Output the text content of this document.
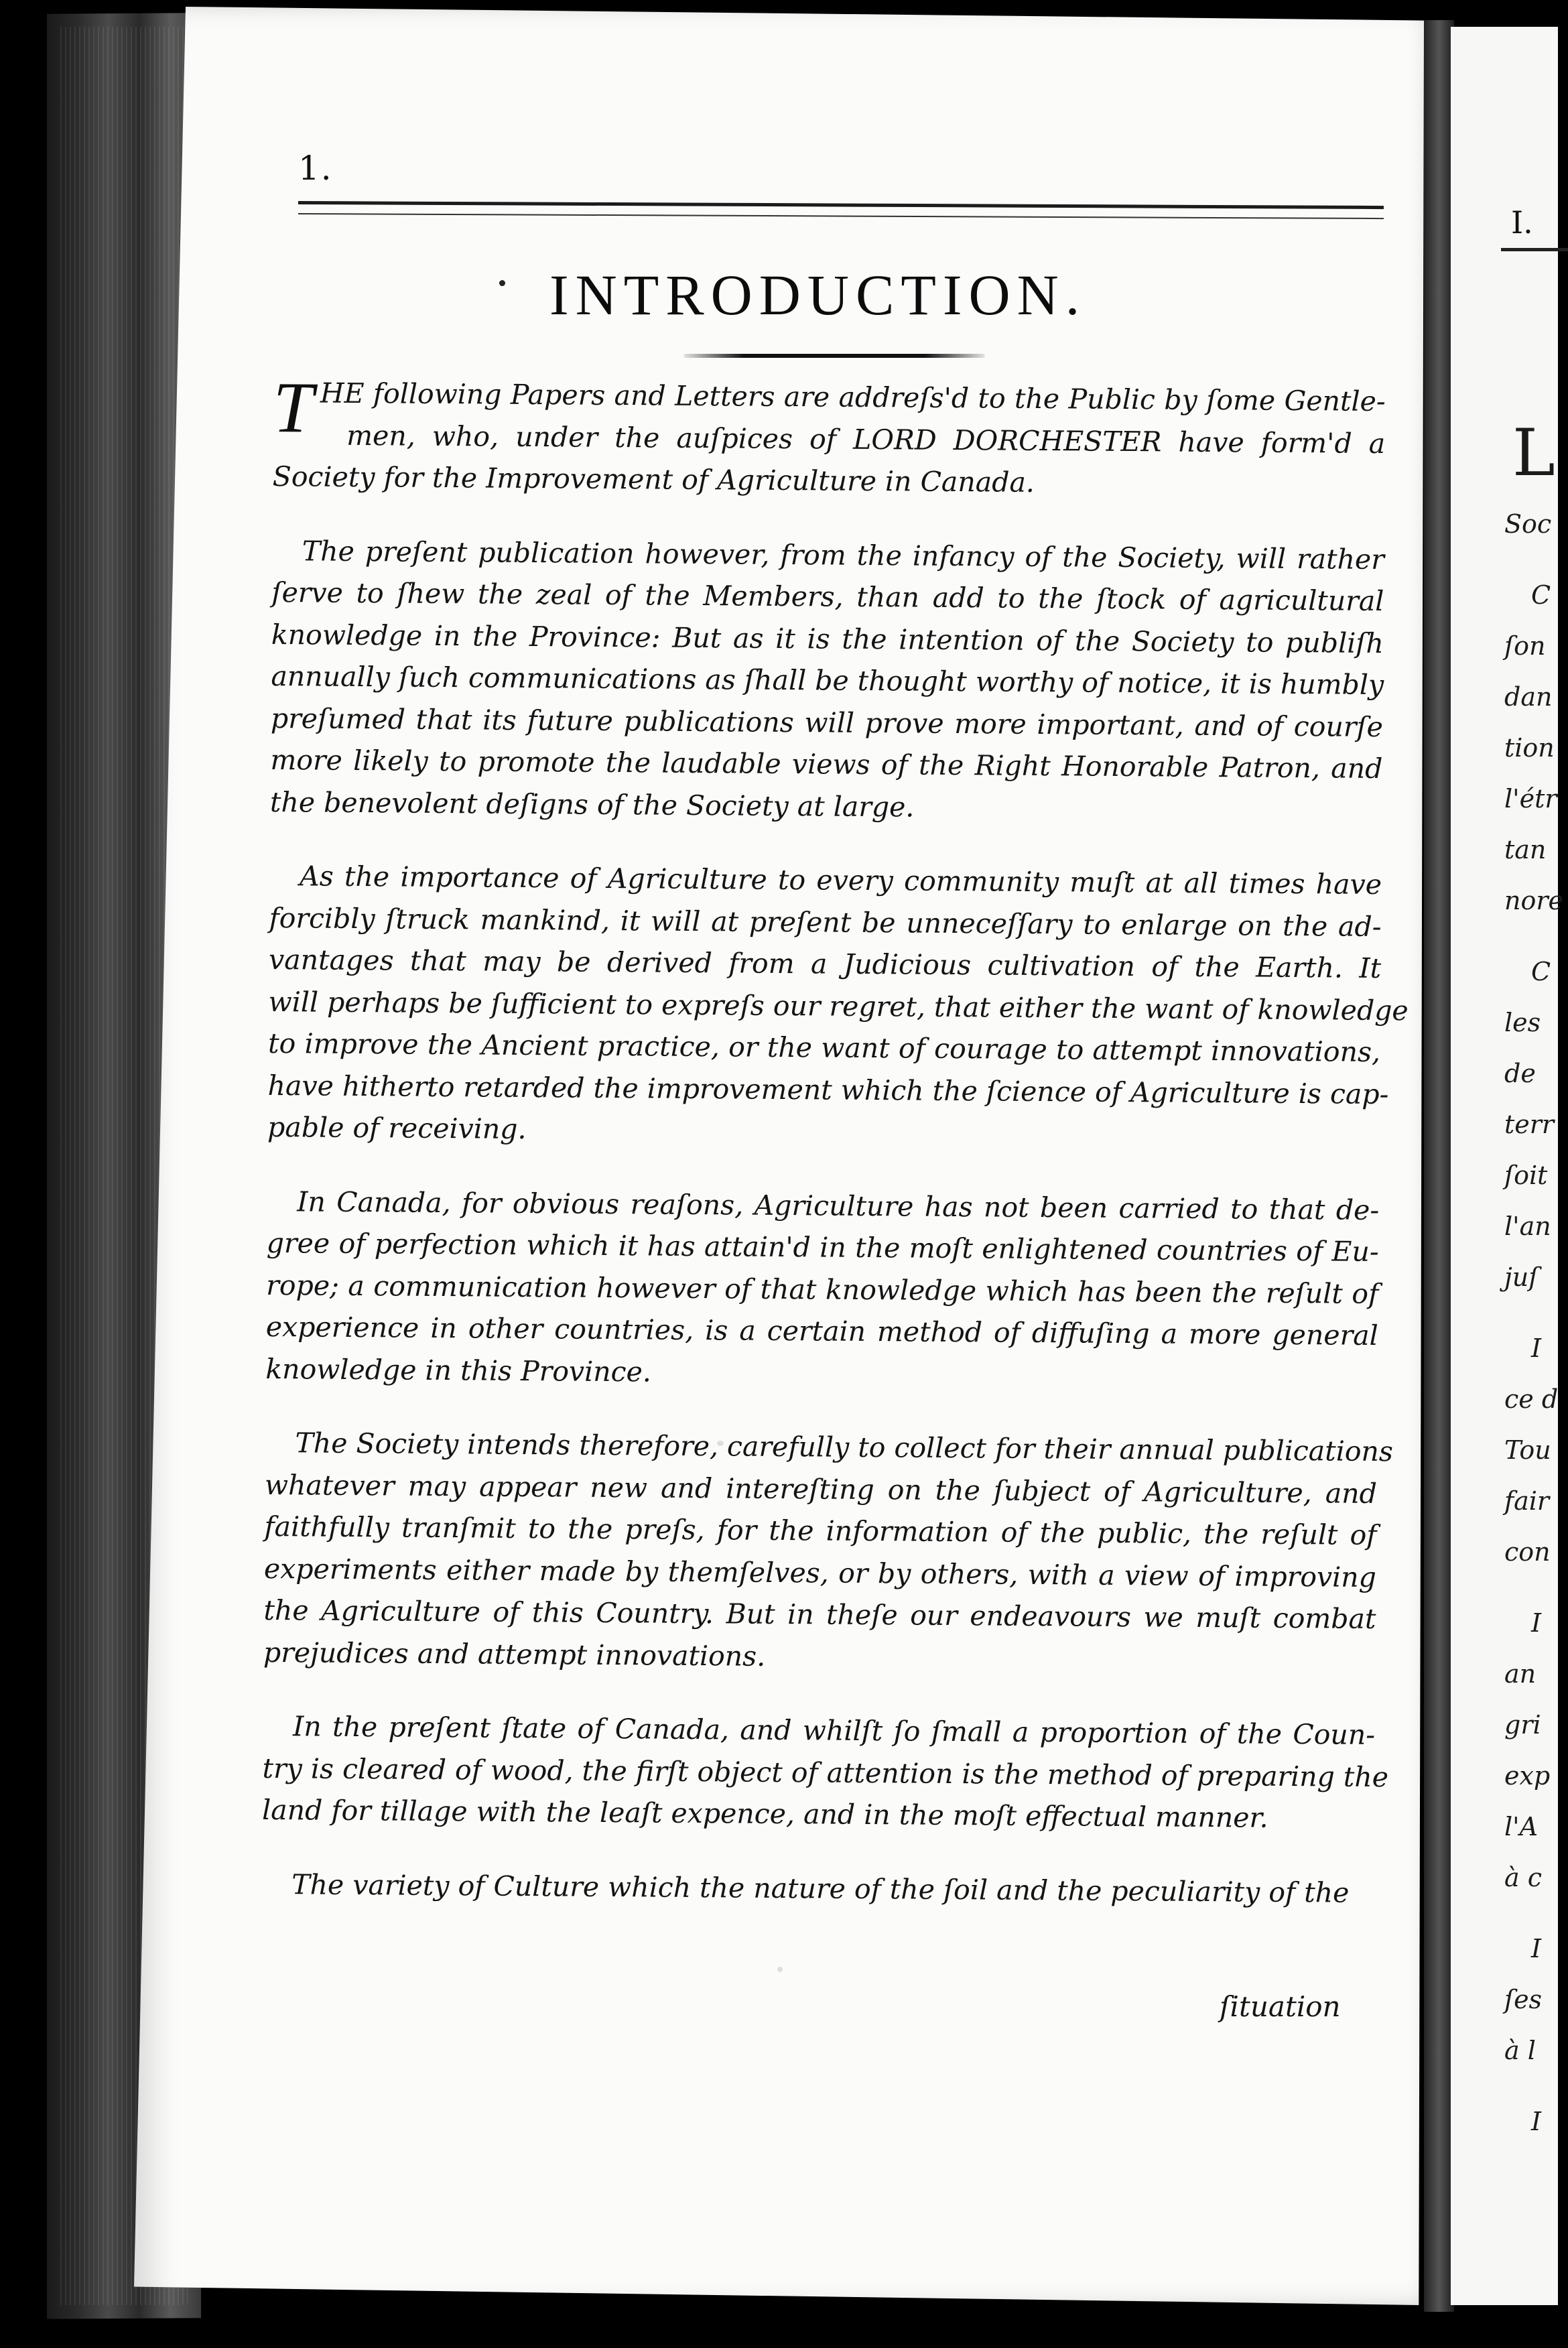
I.
L
Soc
C
ſon
dan
tion
l'étr
tan
nore
C
les
de
terr
ſoit
l'an
juſ
I
ce d
Tou
fair
con
I
an
gri
exp
l'A
à c
I
ſes
à l
I
1.
INTRODUCTION.
T HE following Papers and Letters are addreſs'd to the Public by ſome Gentle-
men, who, under the auſpices of LORD DORCHESTER have form'd a
Society for the Improvement of Agriculture in Canada.
The preſent publication however, from the infancy of the Society, will rather
ſerve to ſhew the zeal of the Members, than add to the ſtock of agricultural
knowledge in the Province: But as it is the intention of the Society to publiſh
annually ſuch communications as ſhall be thought worthy of notice, it is humbly
preſumed that its future publications will prove more important, and of courſe
more likely to promote the laudable views of the Right Honorable Patron, and
the benevolent deſigns of the Society at large.
As the importance of Agriculture to every community muſt at all times have
forcibly ſtruck mankind, it will at preſent be unneceſſary to enlarge on the ad-
vantages that may be derived from a Judicious cultivation of the Earth. It
will perhaps be ſufficient to expreſs our regret, that either the want of knowledge
to improve the Ancient practice, or the want of courage to attempt innovations,
have hitherto retarded the improvement which the ſcience of Agriculture is cap-
pable of receiving.
In Canada, for obvious reaſons, Agriculture has not been carried to that de-
gree of perfection which it has attain'd in the moſt enlightened countries of Eu-
rope; a communication however of that knowledge which has been the reſult of
experience in other countries, is a certain method of diffuſing a more general
knowledge in this Province.
The Society intends therefore, carefully to collect for their annual publications
whatever may appear new and intereſting on the ſubject of Agriculture, and
faithfully tranſmit to the preſs, for the information of the public, the reſult of
experiments either made by themſelves, or by others, with a view of improving
the Agriculture of this Country. But in theſe our endeavours we muſt combat
prejudices and attempt innovations.
In the preſent ſtate of Canada, and whilſt ſo ſmall a proportion of the Coun-
try is cleared of wood, the firſt object of attention is the method of preparing the
land for tillage with the leaſt expence, and in the moſt effectual manner.
The variety of Culture which the nature of the ſoil and the peculiarity of the
ſituation
